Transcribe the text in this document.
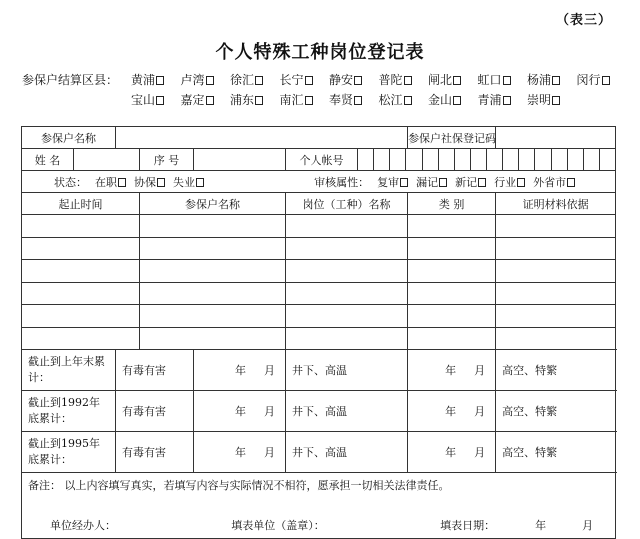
（表三）
个人特殊工种岗位登记表
参保户结算区县： 黄浦	卢湾	徐汇	长宁	静安	普陀	闸北	虹口	杨浦	闵行
宝山	嘉定	浦东	南汇	奉贤	松江	金山	青浦	崇明
参保户名称							参保户社保登记码		
姓 名			序 号		个人帐号				

状态： 在职 协保 失业 审核属性： 复审 漏记 新记 行业 外省市									

起止时间			参保户名称		岗位（工种）名称		类 别	证明材料依据	

截止到上年末累计：		有毒有害		年 月	井下、高温		年 月	高空、特繁	
截止到1992年底累计：		有毒有害		年 月	井下、高温		年 月	高空、特繁	
截止到1995年底累计：		有毒有害		年 月	井下、高温		年 月	高空、特繁	

备注： 以上内容填写真实，若填写内容与实际情况不相符，愿承担一切相关法律责任。
单位经办人： 填表单位（盖章）： 填表日期： 年 月									
